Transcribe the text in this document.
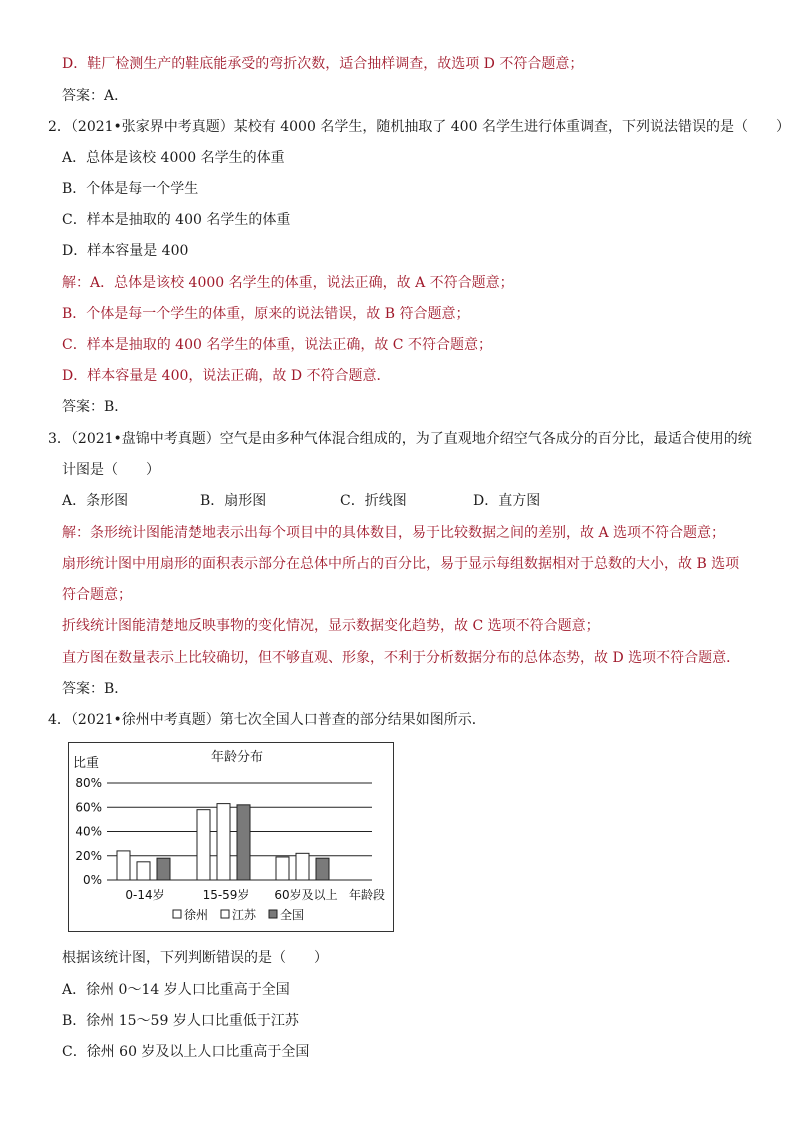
D．鞋厂检测生产的鞋底能承受的弯折次数，适合抽样调查，故选项 D 不符合题意；
答案：A．
2．（2021•张家界中考真题）某校有 4000 名学生，随机抽取了 400 名学生进行体重调查，下列说法错误的是（　　）
A．总体是该校 4000 名学生的体重
B．个体是每一个学生
C．样本是抽取的 400 名学生的体重
D．样本容量是 400
解：A．总体是该校 4000 名学生的体重，说法正确，故 A 不符合题意；
B．个体是每一个学生的体重，原来的说法错误，故 B 符合题意；
C．样本是抽取的 400 名学生的体重，说法正确，故 C 不符合题意；
D．样本容量是 400，说法正确，故 D 不符合题意．
答案：B．
3．（2021•盘锦中考真题）空气是由多种气体混合组成的，为了直观地介绍空气各成分的百分比，最适合使用的统
计图是（　　）
A．条形图	B．扇形图	C．折线图	D．直方图
解：条形统计图能清楚地表示出每个项目中的具体数目，易于比较数据之间的差别，故 A 选项不符合题意；
扇形统计图中用扇形的面积表示部分在总体中所占的百分比，易于显示每组数据相对于总数的大小，故 B 选项
符合题意；
折线统计图能清楚地反映事物的变化情况，显示数据变化趋势，故 C 选项不符合题意；
直方图在数量表示上比较确切，但不够直观、形象，不利于分析数据分布的总体态势，故 D 选项不符合题意．
答案：B．
4．（2021•徐州中考真题）第七次全国人口普查的部分结果如图所示．
年龄分布
比重
0%
20%
40%
60%
80%
0-14岁	15-59岁 60岁及以上 年龄段
徐州 江苏 全国
根据该统计图，下列判断错误的是（　　）
A．徐州 0～14 岁人口比重高于全国
B．徐州 15～59 岁人口比重低于江苏
C．徐州 60 岁及以上人口比重高于全国
